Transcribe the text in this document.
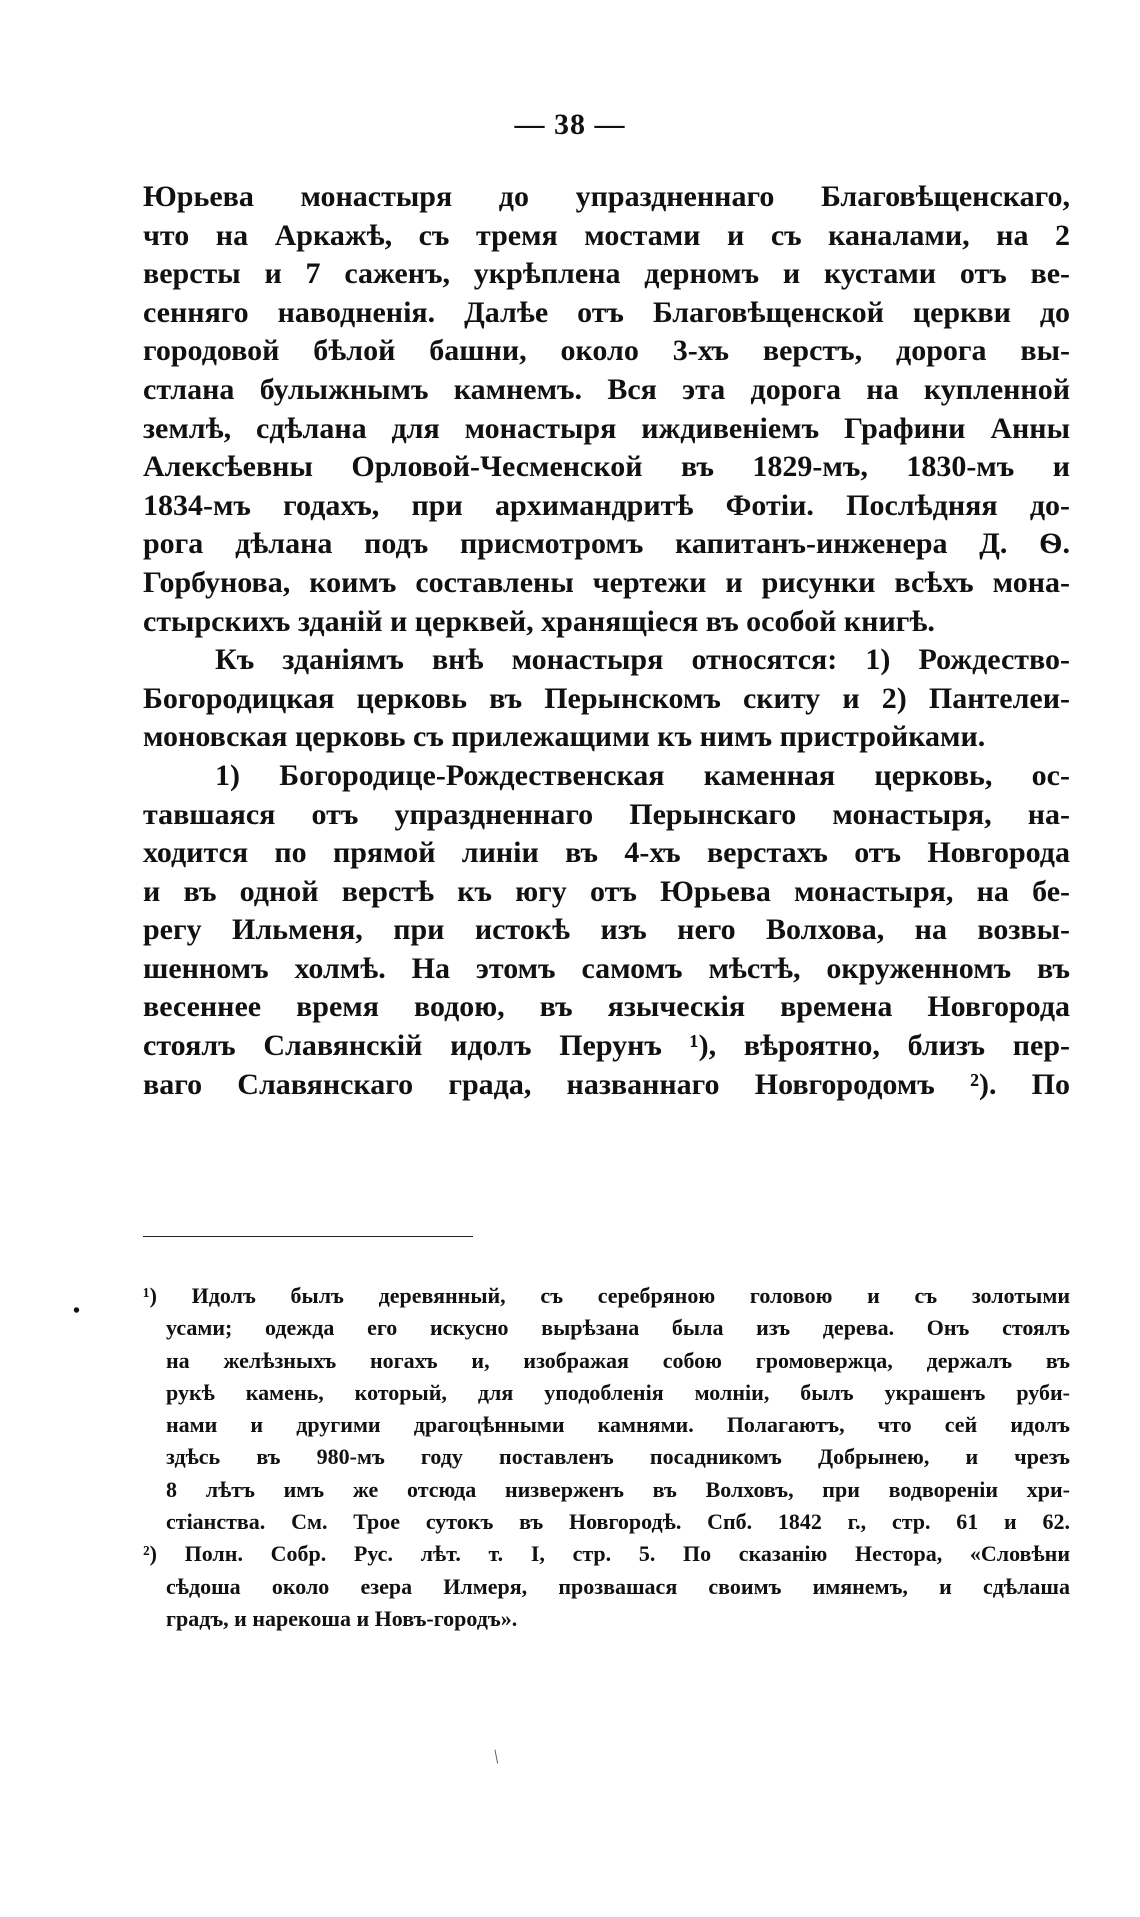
— 38 —
Юрьева монастыря до упраздненнаго Благовѣщенскаго,
что на Аркажѣ, съ тремя мостами и съ каналами, на 2
версты и 7 саженъ, укрѣплена дерномъ и кустами отъ ве-
сенняго наводненія. Далѣе отъ Благовѣщенской церкви до
городовой бѣлой башни, около 3-хъ верстъ, дорога вы-
стлана булыжнымъ камнемъ. Вся эта дорога на купленной
землѣ, сдѣлана для монастыря иждивеніемъ Графини Анны
Алексѣевны Орловой-Чесменской въ 1829-мъ, 1830-мъ и
1834-мъ годахъ, при архимандритѣ Фотіи. Послѣдняя до-
рога дѣлана подъ присмотромъ капитанъ-инженера Д. Ѳ.
Горбунова, коимъ составлены чертежи и рисунки всѣхъ мона-
стырскихъ зданій и церквей, хранящіеся въ особой книгѣ.
Къ зданіямъ внѣ монастыря относятся: 1) Рождество-
Богородицкая церковь въ Перынскомъ скиту и 2) Пантелеи-
моновская церковь съ прилежащими къ нимъ пристройками.
1) Богородице-Рождественская каменная церковь, ос-
тавшаяся отъ упраздненнаго Перынскаго монастыря, на-
ходится по прямой линіи въ 4-хъ верстахъ отъ Новгорода
и въ одной верстѣ къ югу отъ Юрьева монастыря, на бе-
регу Ильменя, при истокѣ изъ него Волхова, на возвы-
шенномъ холмѣ. На этомъ самомъ мѣстѣ, окруженномъ въ
весеннее время водою, въ языческія времена Новгорода
стоялъ Славянскій идолъ Перунъ ¹), вѣроятно, близъ пер-
ваго Славянскаго града, названнаго Новгородомъ ²). По
•
¹) Идолъ былъ деревянный, съ серебряною головою и съ золотыми
усами; одежда его искусно вырѣзана была изъ дерева. Онъ стоялъ
на желѣзныхъ ногахъ и, изображая собою громовержца, держалъ въ
рукѣ камень, который, для уподобленія молніи, былъ украшенъ руби-
нами и другими драгоцѣнными камнями. Полагаютъ, что сей идолъ
здѣсь въ 980-мъ году поставленъ посадникомъ Добрынею, и чрезъ
8 лѣтъ имъ же отсюда низверженъ въ Волховъ, при водвореніи хри-
стіанства. См. Трое сутокъ въ Новгородѣ. Спб. 1842 г., стр. 61 и 62.
²) Полн. Собр. Рус. лѣт. т. I, стр. 5. По сказанію Нестора, «Словѣни
сѣдоша около езера Илмеря, прозвашася своимъ имянемъ, и сдѣлаша
градъ, и нарекоша и Новъ-городъ».
/
